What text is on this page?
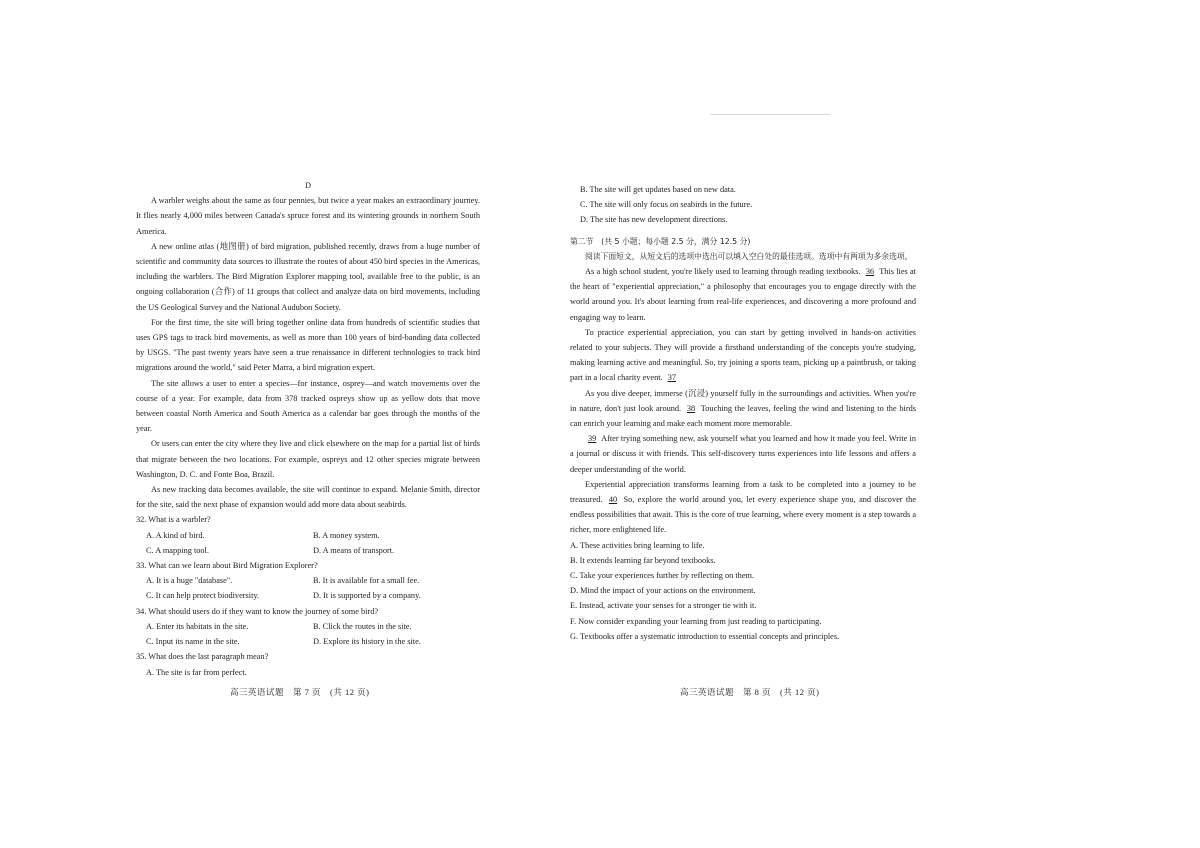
D

A warbler weighs about the same as four pennies, but twice a year makes an extraordinary journey. It flies nearly 4,000 miles between Canada's spruce forest and its wintering grounds in northern South America.

A new online atlas (地图册) of bird migration, published recently, draws from a huge number of scientific and community data sources to illustrate the routes of about 450 bird species in the Americas, including the warblers. The Bird Migration Explorer mapping tool, available free to the public, is an ongoing collaboration (合作) of 11 groups that collect and analyze data on bird movements, including the US Geological Survey and the National Audubon Society.

For the first time, the site will bring together online data from hundreds of scientific studies that uses GPS tags to track bird movements, as well as more than 100 years of bird-banding data collected by USGS. "The past twenty years have seen a true renaissance in different technologies to track bird migrations around the world," said Peter Marra, a bird migration expert.

The site allows a user to enter a species—for instance, osprey—and watch movements over the course of a year. For example, data from 378 tracked ospreys show up as yellow dots that move between coastal North America and South America as a calendar bar goes through the months of the year.

Or users can enter the city where they live and click elsewhere on the map for a partial list of birds that migrate between the two locations. For example, ospreys and 12 other species migrate between Washington, D. C. and Fonte Boa, Brazil.

As new tracking data becomes available, the site will continue to expand. Melanie Smith, director for the site, said the next phase of expansion would add more data about seabirds.

32. What is a warbler?

A. A kind of bird.	B. A money system.
C. A mapping tool.	D. A means of transport.

33. What can we learn about Bird Migration Explorer?

A. It is a huge "database".	B. It is available for a small fee.
C. It can help protect biodiversity.	D. It is supported by a company.

34. What should users do if they want to know the journey of some bird?

A. Enter its habitats in the site.	B. Click the routes in the site.
C. Input its name in the site.	D. Explore its history in the site.

35. What does the last paragraph mean?

A. The site is far from perfect.

高三英语试题　第 7 页　(共 12 页)

B. The site will get updates based on new data.

C. The site will only focus on seabirds in the future.

D. The site has new development directions.

第二节　(共 5 小题；每小题 2.5 分，满分 12.5 分)

阅读下面短文，从短文后的选项中选出可以填入空白处的最佳选项。选项中有两项为多余选项。

As a high school student, you're likely used to learning through reading textbooks. 36 This lies at the heart of "experiential appreciation," a philosophy that encourages you to engage directly with the world around you. It's about learning from real-life experiences, and discovering a more profound and engaging way to learn.

To practice experiential appreciation, you can start by getting involved in hands-on activities related to your subjects. They will provide a firsthand understanding of the concepts you're studying, making learning active and meaningful. So, try joining a sports team, picking up a paintbrush, or taking part in a local charity event. 37

As you dive deeper, immerse (沉浸) yourself fully in the surroundings and activities. When you're in nature, don't just look around. 38 Touching the leaves, feeling the wind and listening to the birds can enrich your learning and make each moment more memorable.

39 After trying something new, ask yourself what you learned and how it made you feel. Write in a journal or discuss it with friends. This self-discovery turns experiences into life lessons and offers a deeper understanding of the world.

Experiential appreciation transforms learning from a task to be completed into a journey to be treasured. 40 So, explore the world around you, let every experience shape you, and discover the endless possibilities that await. This is the core of true learning, where every moment is a step towards a richer, more enlightened life.

A. These activities bring learning to life.

B. It extends learning far beyond textbooks.

C. Take your experiences further by reflecting on them.

D. Mind the impact of your actions on the environment.

E. Instead, activate your senses for a stronger tie with it.

F. Now consider expanding your learning from just reading to participating.

G. Textbooks offer a systematic introduction to essential concepts and principles.

高三英语试题　第 8 页　(共 12 页)
